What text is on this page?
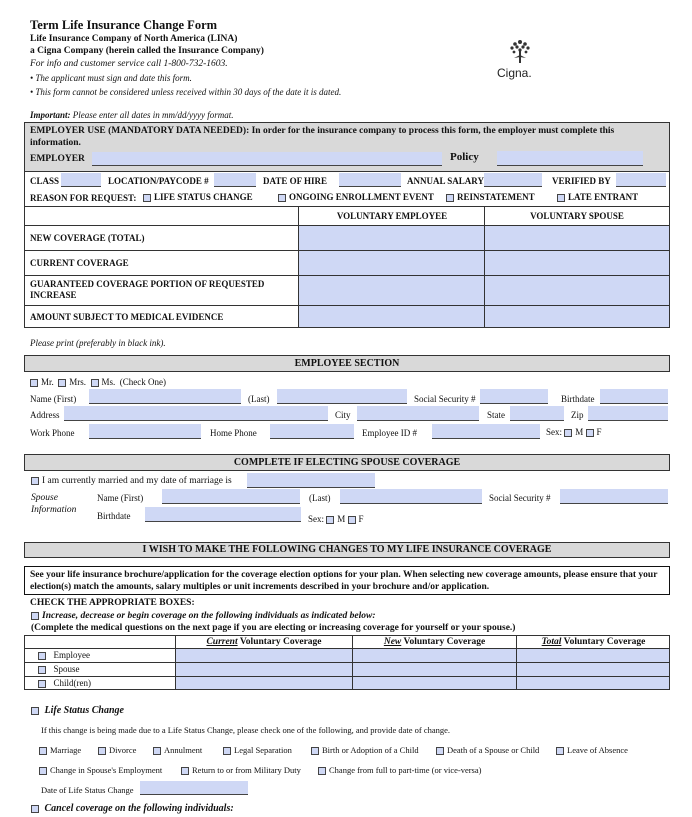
Term Life Insurance Change Form
Life Insurance Company of North America (LINA)
a Cigna Company (herein called the Insurance Company)
For info and customer service call 1-800-732-1603.
• The applicant must sign and date this form.
• This form cannot be considered unless received within 30 days of the date it is dated.
Cigna.
Important: Please enter all dates in mm/dd/yyyy format.
EMPLOYER USE (MANDATORY DATA NEEDED): In order for the insurance company to process this form, the employer must complete this information.
EMPLOYER	Policy
CLASS	LOCATION/PAYCODE #	DATE OF HIRE	ANNUAL SALARY	VERIFIED BY
REASON FOR REQUEST:	LIFE STATUS CHANGE	ONGOING ENROLLMENT EVENT	REINSTATEMENT	LATE ENTRANT
VOLUNTARY EMPLOYEE	VOLUNTARY SPOUSE
NEW COVERAGE (TOTAL)
CURRENT COVERAGE
GUARANTEED COVERAGE PORTION OF REQUESTED INCREASE
AMOUNT SUBJECT TO MEDICAL EVIDENCE
Please print (preferably in black ink).
EMPLOYEE SECTION
Mr. Mrs. Ms. (Check One)
Name (First)	(Last)	Social Security #	Birthdate
Address	City	State	Zip
Work Phone	Home Phone	Employee ID #	Sex: M F
COMPLETE IF ELECTING SPOUSE COVERAGE
I am currently married and my date of marriage is
Spouse
Information
Name (First)	(Last)	Social Security #
Birthdate	Sex: M F
I WISH TO MAKE THE FOLLOWING CHANGES TO MY LIFE INSURANCE COVERAGE
See your life insurance brochure/application for the coverage election options for your plan. When selecting new coverage amounts, please ensure that your election(s) match the amounts, salary multiples or unit increments described in your brochure and/or application.
CHECK THE APPROPRIATE BOXES:
Increase, decrease or begin coverage on the following individuals as indicated below:
(Complete the medical questions on the next page if you are electing or increasing coverage for yourself or your spouse.)
Current Voluntary Coverage	New Voluntary Coverage	Total Voluntary Coverage
Employee
Spouse
Child(ren)
Life Status Change
If this change is being made due to a Life Status Change, please check one of the following, and provide date of change.
Marriage	Divorce	Annulment	Legal Separation	Birth or Adoption of a Child	Death of a Spouse or Child	Leave of Absence
Change in Spouse's Employment	Return to or from Military Duty	Change from full to part-time (or vice-versa)
Date of Life Status Change
Cancel coverage on the following individuals:
